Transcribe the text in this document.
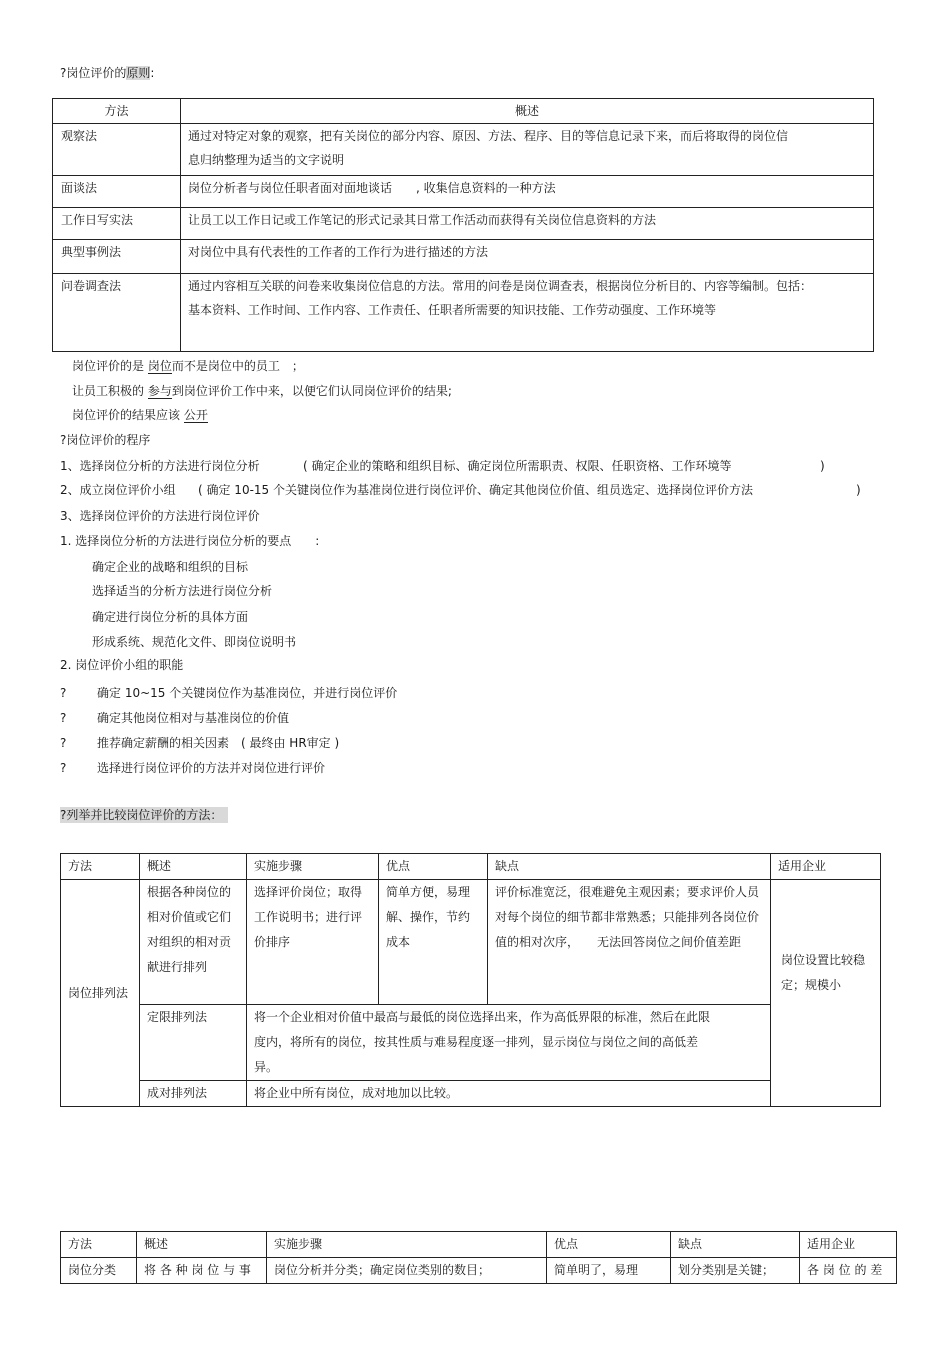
?岗位评价的原则:
方法	概述
观察法	通过对特定对象的观察，把有关岗位的部分内容、原因、方法、程序、目的等信息记录下来，而后将取得的岗位信息归纳整理为适当的文字说明
面谈法	岗位分析者与岗位任职者面对面地谈话　　, 收集信息资料的一种方法
工作日写实法	让员工以工作日记或工作笔记的形式记录其日常工作活动而获得有关岗位信息资料的方法
典型事例法	对岗位中具有代表性的工作者的工作行为进行描述的方法
问卷调查法	通过内容相互关联的问卷来收集岗位信息的方法。常用的问卷是岗位调查表，根据岗位分析目的、内容等编制。包括： 基本资料、工作时间、工作内容、工作责任、任职者所需要的知识技能、工作劳动强度、工作环境等
岗位评价的是 岗位而不是岗位中的员工　；
让员工积极的 参与到岗位评价工作中来，以便它们认同岗位评价的结果;
岗位评价的结果应该 公开
?岗位评价的程序
1、选择岗位分析的方法进行岗位分析	( 确定企业的策略和组织目标、确定岗位所需职责、权限、任职资格、工作环境等	)
2、成立岗位评价小组 ( 确定 10-15 个关键岗位作为基准岗位进行岗位评价、确定其他岗位价值、组员选定、选择岗位评价方法	)
3、选择岗位评价的方法进行岗位评价
1. 选择岗位分析的方法进行岗位分析的要点　　:
确定企业的战略和组织的目标
选择适当的分析方法进行岗位分析
确定进行岗位分析的具体方面
形成系统、规范化文件、即岗位说明书
2. 岗位评价小组的职能
?	确定 10~15 个关键岗位作为基准岗位，并进行岗位评价
?	确定其他岗位相对与基准岗位的价值
?	推荐确定薪酬的相关因素　( 最终由 HR审定 )
?	选择进行岗位评价的方法并对岗位进行评价
?列举并比较岗位评价的方法：
方法	概述	实施步骤	优点	缺点	适用企业
岗位排列法	根据各种岗位的相对价值或它们对组织的相对贡献进行排列	选择评价岗位；取得工作说明书；进行评价排序	简单方便，易理解、操作，节约成本	评价标准宽泛，很难避免主观因素；要求评价人员对每个岗位的细节都非常熟悉；只能排列各岗位价值的相对次序，　　无法回答岗位之间价值差距	岗位设置比较稳定；规模小
	定限排列法	将一个企业相对价值中最高与最低的岗位选择出来，作为高低界限的标准，然后在此限度内，将所有的岗位，按其性质与难易程度逐一排列，显示岗位与岗位之间的高低差异。			
	成对排列法	将企业中所有岗位，成对地加以比较。			
方法	概述	实施步骤	优点	缺点	适用企业
岗位分类	将 各 种 岗 位 与 事	岗位分析并分类；确定岗位类别的数目；	简单明了，易理	划分类别是关键；	各 岗 位 的 差
